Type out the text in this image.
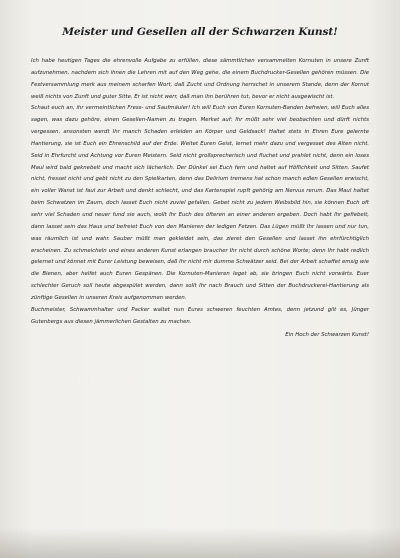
Meister und Gesellen all der Schwarzen Kunst!

Ich habe heutigen Tages die ehrenvolle Aufgabe zu erfüllen, diese sämmtlichen versammelten Kornuten in unsere Zunft aufzunehmen, nachdem sich ihnen die Lehren mit auf den Weg gehe, die einem Buchdrucker-Gesellen gehören müssen. Die Festversammlung merk aus meinem scharfen Wort, daß Zucht und Ordnung herrschet in unserem Stande, denn der Kornut weiß nichts von Zunft und guter Sitte. Er ist nicht werr, daß man ihn berühren tut, bevor er nicht ausgewischt ist.

Schaut euch an, ihr vermeintlichen Fress- und Saufmäuler! Ich will Euch von Euren Kornuten-Banden befreien, will Euch alles sagen, was dazu gehöre, einen Gesellen-Namen zu tragen. Merket auf: Ihr müßt sehr viel beobachten und dürft nichts vergessen, ansonsten werdt Ihr manch Schaden erleiden an Körper und Geldsack! Haltet stets in Ehren Eure gelernte Hantierung, sie ist Euch ein Ehrenschild auf der Erde. Weitet Euren Geist, lernet mehr dazu und vergesset des Alten nicht. Seid in Ehrfurcht und Achtung vor Euren Meistern. Seid nicht großsprecherisch und fluchet und prahlet nicht, denn ein loses Maul wird bald geknebelt und macht sich lächerlich. Der Dünkel sei Euch fern und haltet auf Höflichkeit und Sitten. Saufet nicht, fresset nicht und gebt nicht zu den Spielkarten, denn das Delirium tremens hat schon manch edlen Gesellen erwischt, ein voller Wanst ist faul zur Arbeit und denkt schlecht, und das Kartenspiel rupft gehörig am Nervus rerum. Das Maul haltet beim Schwatzen im Zaum, doch lasset Euch nicht zuviel gefallen. Gebet nicht zu jedem Weibsbild hin, sie können Euch oft sehr viel Schaden und neuer fund sie auch, wollt Ihr Euch des öfteren an einer anderen ergeben. Doch habt Ihr gefiebelt, dann lasset sein das Haus und befreiet Euch von den Manieren der ledigen Fetzen. Das Lügen müßt Ihr lassen und nur tun, was räumlich ist und wahr. Sauber müßt man gekleidet sein, das zieret den Gesellen und lasset ihn ehrfürchtiglich erscheinen. Zu schmeicheln und eines anderen Kunst erlangen braucher Ihr nicht durch schöne Worte; denn Ihr habt redlich gelernet und könnet mit Eurer Leistung beweisen, daß Ihr nicht mir dumme Schwätzer seid. Bei der Arbeit schaffet emsig wie die Bienen, aber helfet auch Euren Gespänen. Die Kornuten-Manieren leget ab, sie bringen Euch nicht vorwärts. Euer schlechter Geruch soll heute abgespület werden, dann sollt Ihr nach Brauch und Sitten der Buchdruckerei-Hantierung als zünftige Gesellen in unseren Kreis aufgenommen werden.

Buchmeister, Schwammhalter und Packer waltet nun Eures schweren feuchten Amtes, denn jetzund gilt es, Jünger Gutenbergs aus diesen jämmerlichen Gestalten zu machen.

Ein Hoch der Schwarzen Kunst!
